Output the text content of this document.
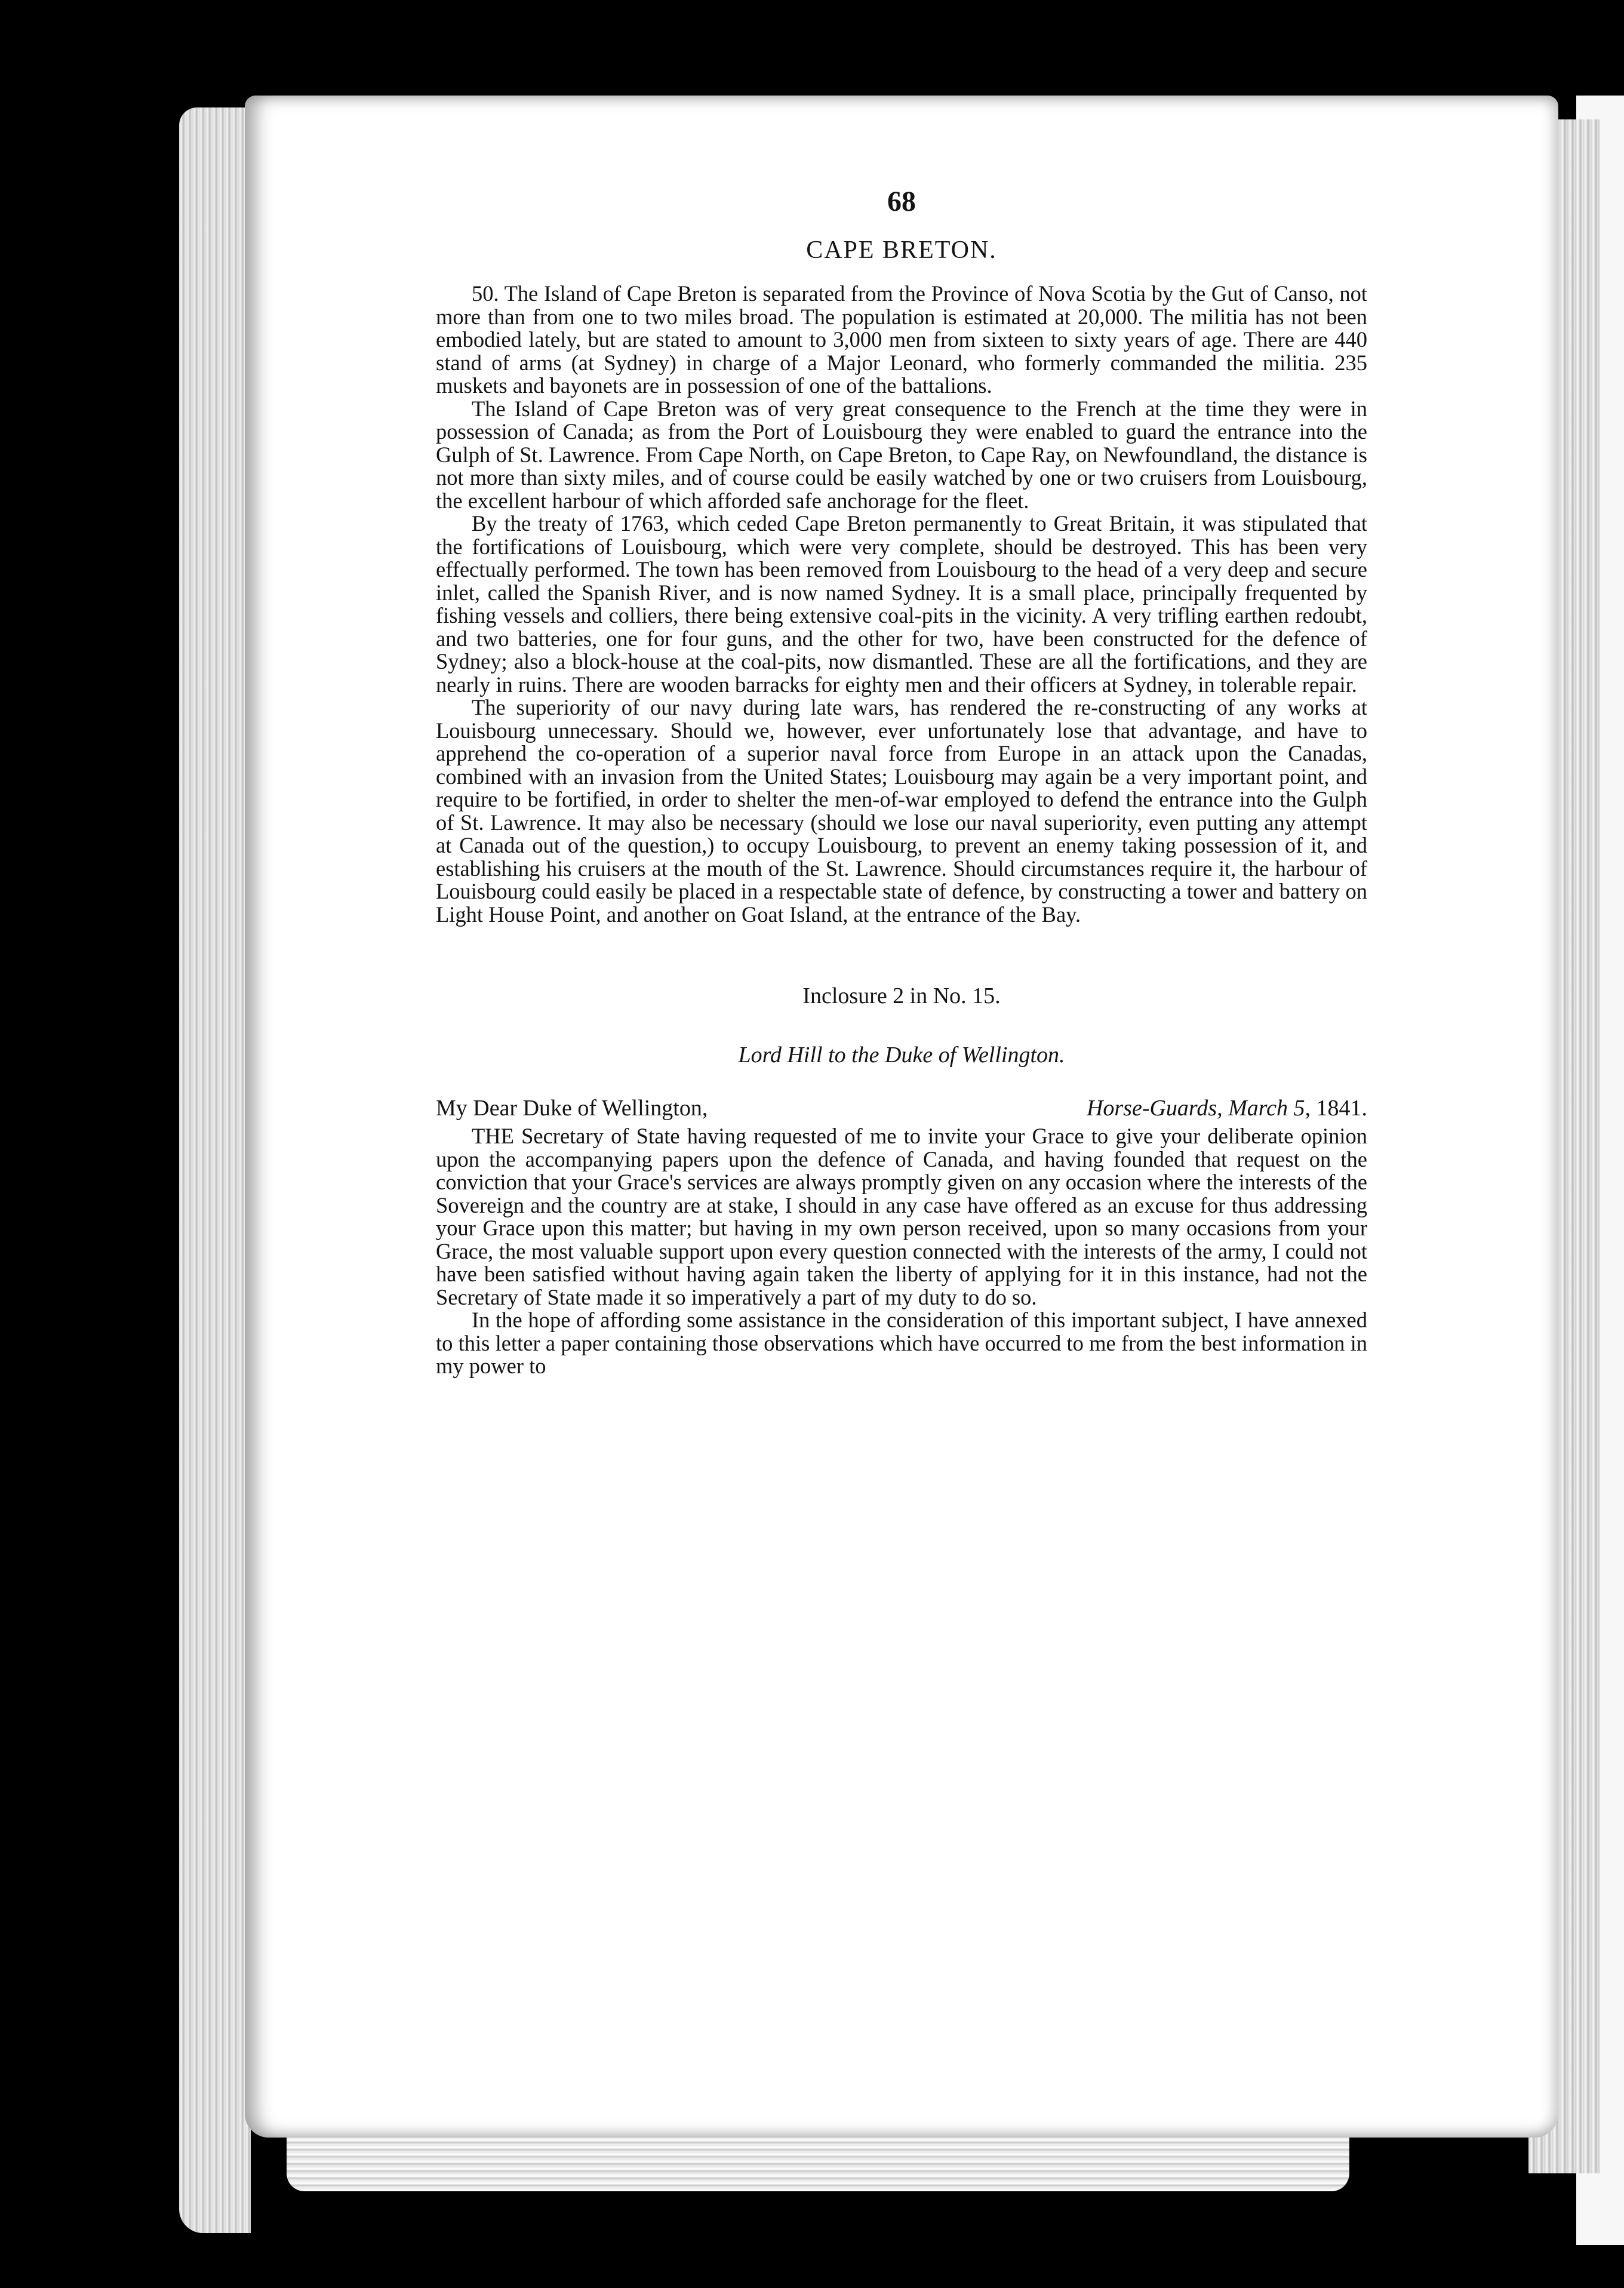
68
CAPE BRETON.

50. The Island of Cape Breton is separated from the Province of Nova Scotia by the Gut of Canso, not more than from one to two miles broad. The population is estimated at 20,000. The militia has not been embodied lately, but are stated to amount to 3,000 men from sixteen to sixty years of age. There are 440 stand of arms (at Sydney) in charge of a Major Leonard, who formerly commanded the militia. 235 muskets and bayonets are in possession of one of the battalions.

The Island of Cape Breton was of very great consequence to the French at the time they were in possession of Canada; as from the Port of Louisbourg they were enabled to guard the entrance into the Gulph of St. Lawrence. From Cape North, on Cape Breton, to Cape Ray, on Newfoundland, the distance is not more than sixty miles, and of course could be easily watched by one or two cruisers from Louisbourg, the excellent harbour of which afforded safe anchorage for the fleet.

By the treaty of 1763, which ceded Cape Breton permanently to Great Britain, it was stipulated that the fortifications of Louisbourg, which were very complete, should be destroyed. This has been very effectually performed. The town has been removed from Louisbourg to the head of a very deep and secure inlet, called the Spanish River, and is now named Sydney. It is a small place, principally frequented by fishing vessels and colliers, there being extensive coal-pits in the vicinity. A very trifling earthen redoubt, and two batteries, one for four guns, and the other for two, have been constructed for the defence of Sydney; also a block-house at the coal-pits, now dismantled. These are all the fortifications, and they are nearly in ruins. There are wooden barracks for eighty men and their officers at Sydney, in tolerable repair.

The superiority of our navy during late wars, has rendered the re-constructing of any works at Louisbourg unnecessary. Should we, however, ever unfortunately lose that advantage, and have to apprehend the co-operation of a superior naval force from Europe in an attack upon the Canadas, combined with an invasion from the United States; Louisbourg may again be a very important point, and require to be fortified, in order to shelter the men-of-war employed to defend the entrance into the Gulph of St. Lawrence. It may also be necessary (should we lose our naval superiority, even putting any attempt at Canada out of the question,) to occupy Louisbourg, to prevent an enemy taking possession of it, and establishing his cruisers at the mouth of the St. Lawrence. Should circumstances require it, the harbour of Louisbourg could easily be placed in a respectable state of defence, by constructing a tower and battery on Light House Point, and another on Goat Island, at the entrance of the Bay.

Inclosure 2 in No. 15.
Lord Hill to the Duke of Wellington.
My Dear Duke of Wellington,	Horse-Guards, March 5, 1841.

THE Secretary of State having requested of me to invite your Grace to give your deliberate opinion upon the accompanying papers upon the defence of Canada, and having founded that request on the conviction that your Grace's services are always promptly given on any occasion where the interests of the Sovereign and the country are at stake, I should in any case have offered as an excuse for thus addressing your Grace upon this matter; but having in my own person received, upon so many occasions from your Grace, the most valuable support upon every question connected with the interests of the army, I could not have been satisfied without having again taken the liberty of applying for it in this instance, had not the Secretary of State made it so imperatively a part of my duty to do so.

In the hope of affording some assistance in the consideration of this important subject, I have annexed to this letter a paper containing those observations which have occurred to me from the best information in my power to
